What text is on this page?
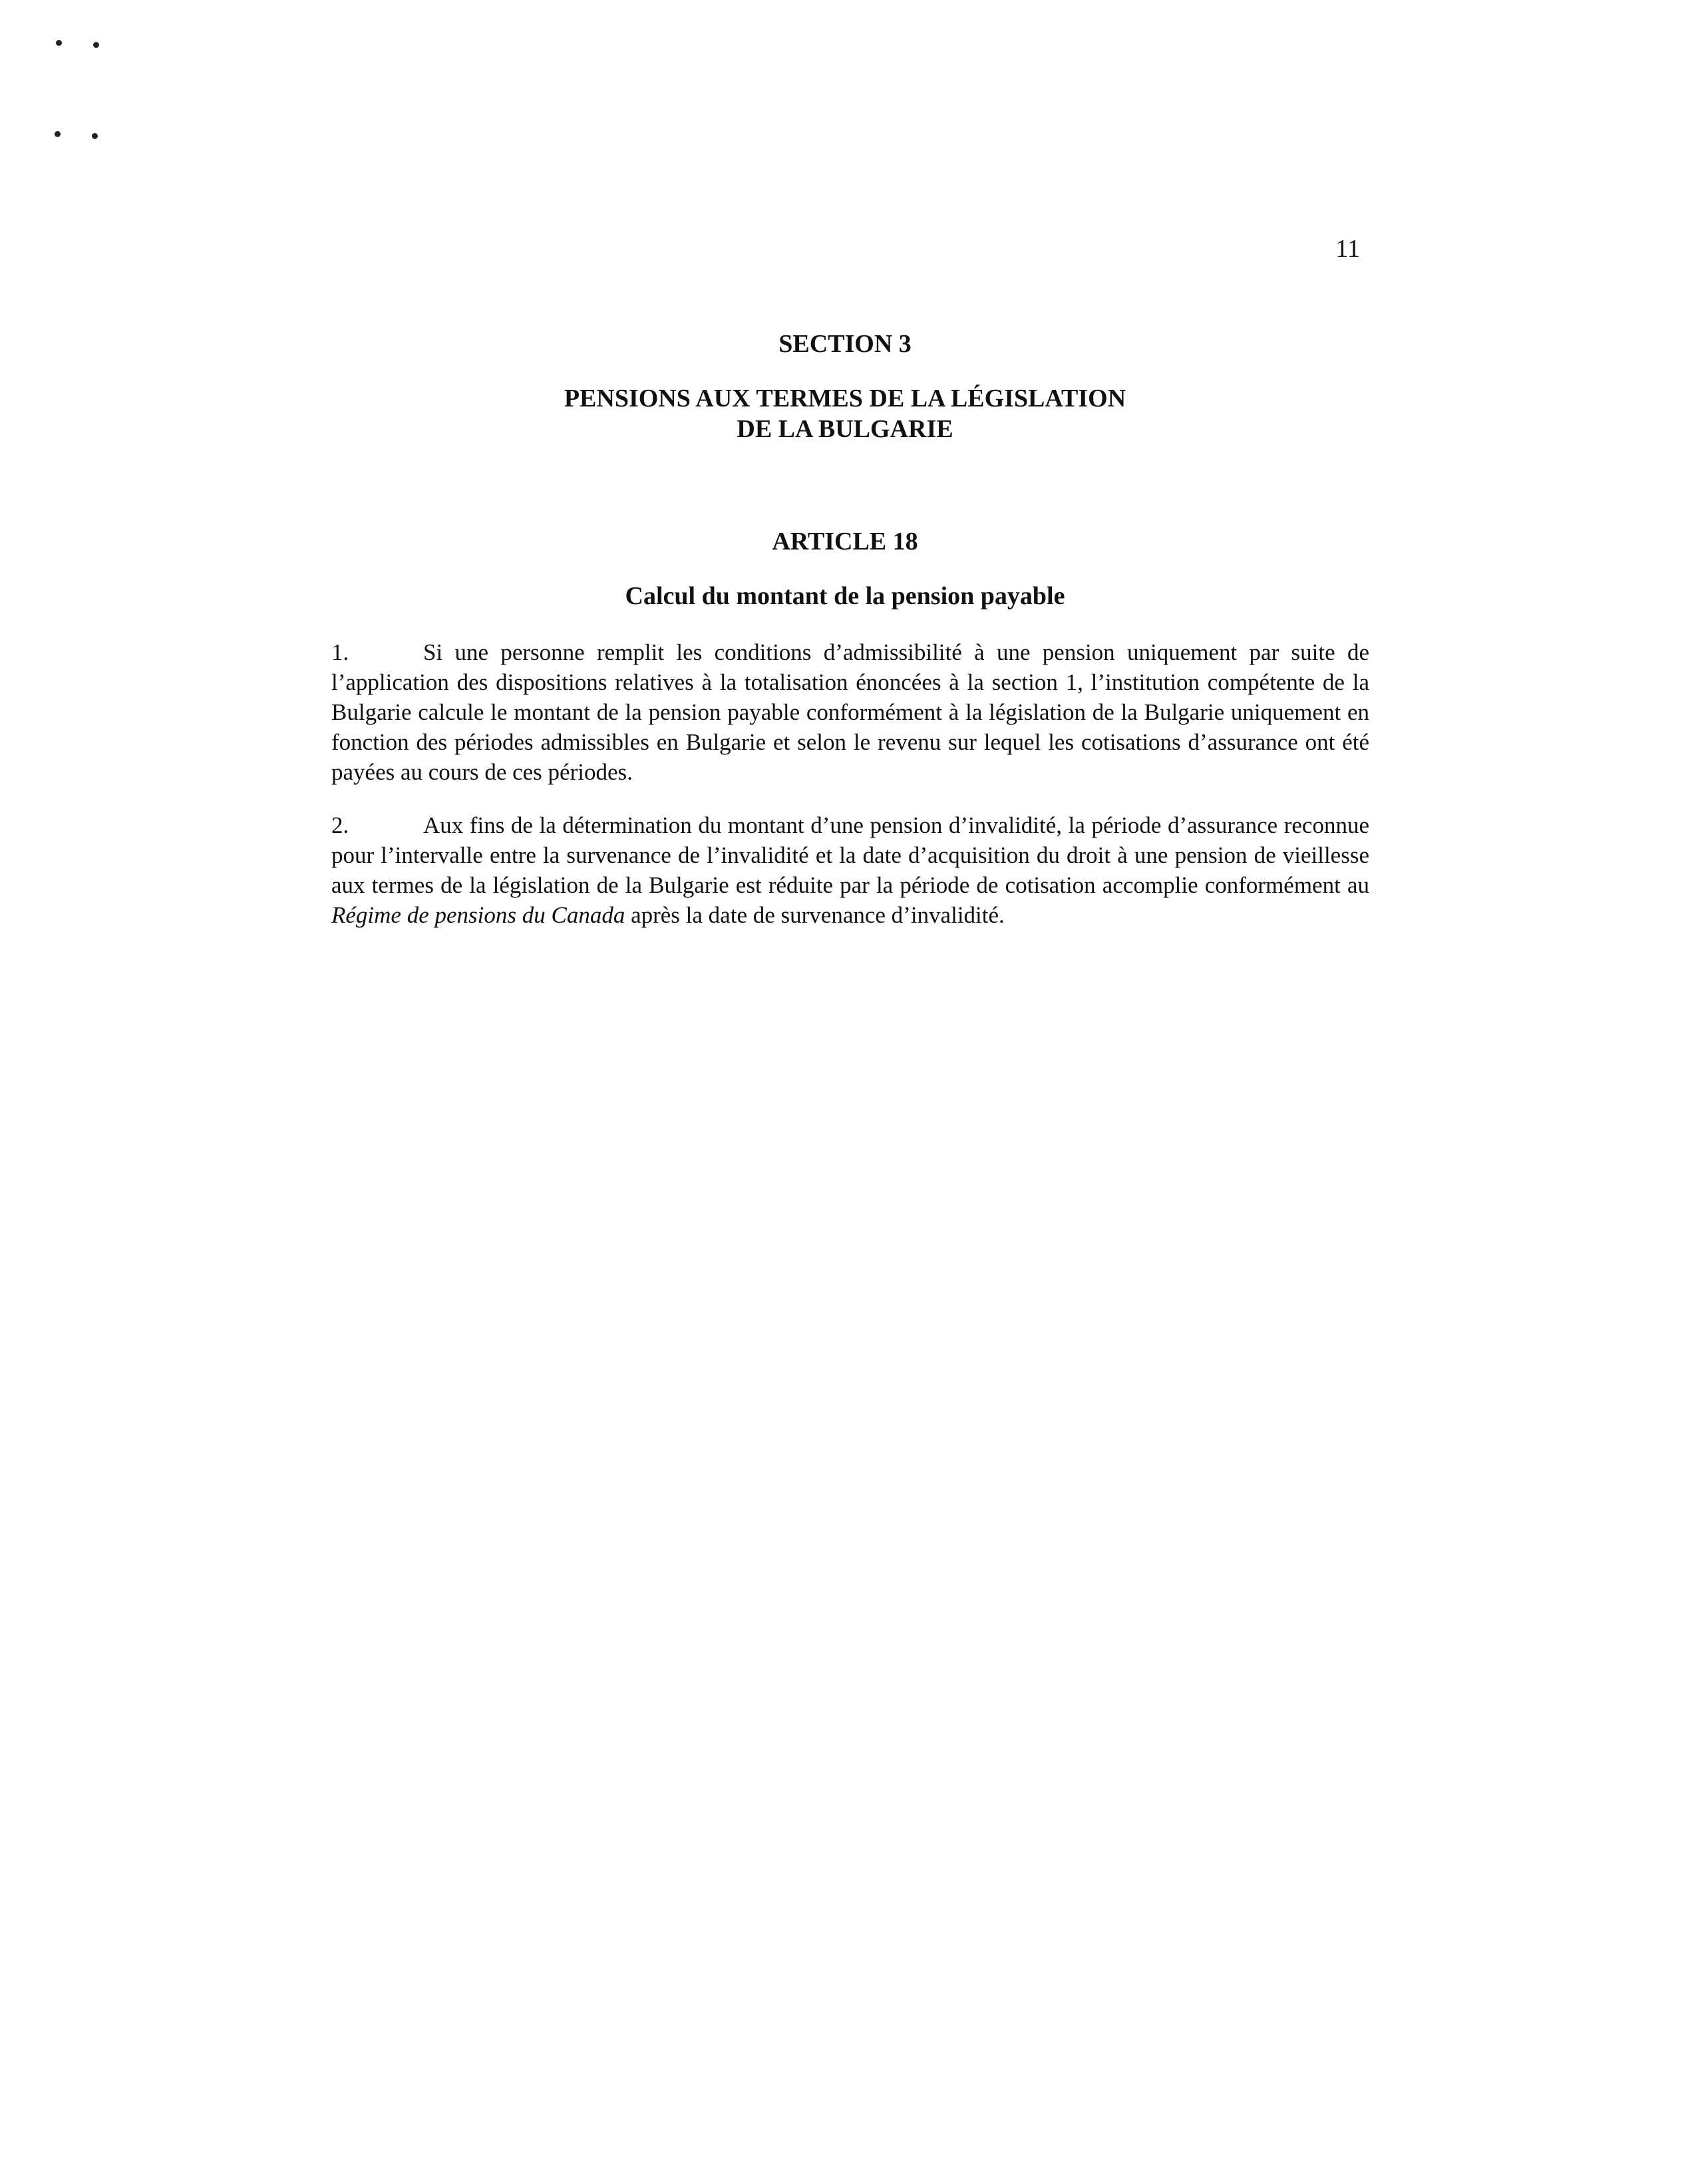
11
SECTION 3
PENSIONS AUX TERMES DE LA LÉGISLATION
DE LA BULGARIE
ARTICLE 18
Calcul du montant de la pension payable

1.	Si une personne remplit les conditions d’admissibilité à une pension uniquement par suite de l’application des dispositions relatives à la totalisation énoncées à la section 1, l’institution compétente de la Bulgarie calcule le montant de la pension payable conformément à la législation de la Bulgarie uniquement en fonction des périodes admissibles en Bulgarie et selon le revenu sur lequel les cotisations d’assurance ont été payées au cours de ces périodes.

2.	Aux fins de la détermination du montant d’une pension d’invalidité, la période d’assurance reconnue pour l’intervalle entre la survenance de l’invalidité et la date d’acquisition du droit à une pension de vieillesse aux termes de la législation de la Bulgarie est réduite par la période de cotisation accomplie conformément au Régime de pensions du Canada après la date de survenance d’invalidité.
